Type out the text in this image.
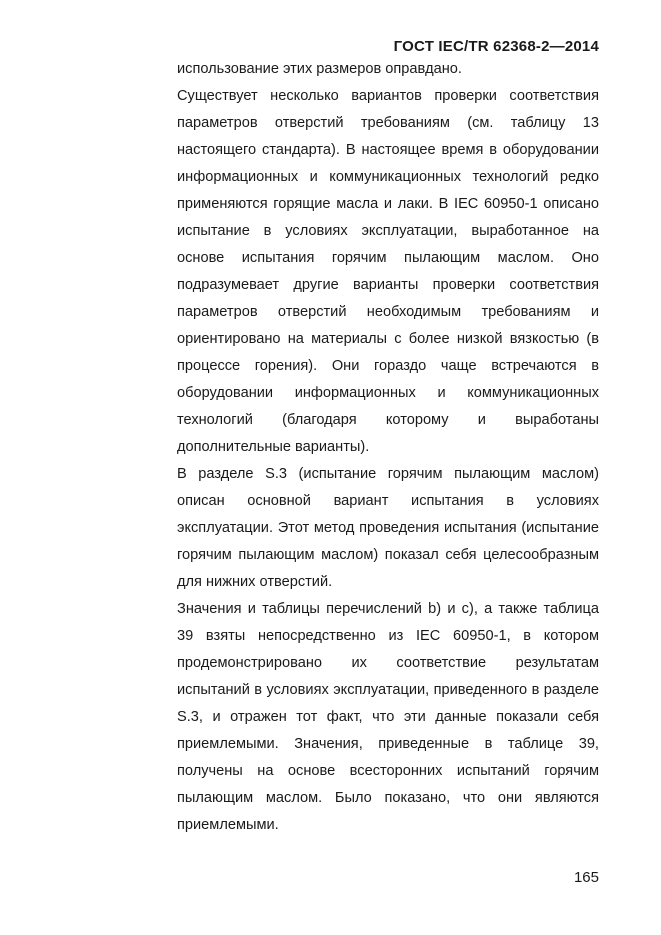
ГОСТ IEC/TR 62368-2—2014

использование этих размеров оправдано.

Существует несколько вариантов проверки соответствия параметров отверстий требованиям (см. таблицу 13 настоящего стандарта). В настоящее время в оборудовании информационных и коммуникационных технологий редко применяются горящие масла и лаки. В IEC 60950-1 описано испытание в условиях эксплуатации, выработанное на основе испытания горячим пылающим маслом. Оно подразумевает другие варианты проверки соответствия параметров отверстий необходимым требованиям и ориентировано на материалы с более низкой вязкостью (в процессе горения). Они гораздо чаще встречаются в оборудовании информационных и коммуникационных технологий (благодаря которому и выработаны дополнительные варианты).

В разделе S.3 (испытание горячим пылающим маслом) описан основной вариант испытания в условиях эксплуатации. Этот метод проведения испытания (испытание горячим пылающим маслом) показал себя целесообразным для нижних отверстий.

Значения и таблицы перечислений b) и c), а также таблица 39 взяты непосредственно из IEC 60950-1, в котором продемонстрировано их соответствие результатам испытаний в условиях эксплуатации, приведенного в разделе S.3, и отражен тот факт, что эти данные показали себя приемлемыми. Значения, приведенные в таблице 39, получены на основе всесторонних испытаний горячим пылающим маслом. Было показано, что они являются приемлемыми.

165
